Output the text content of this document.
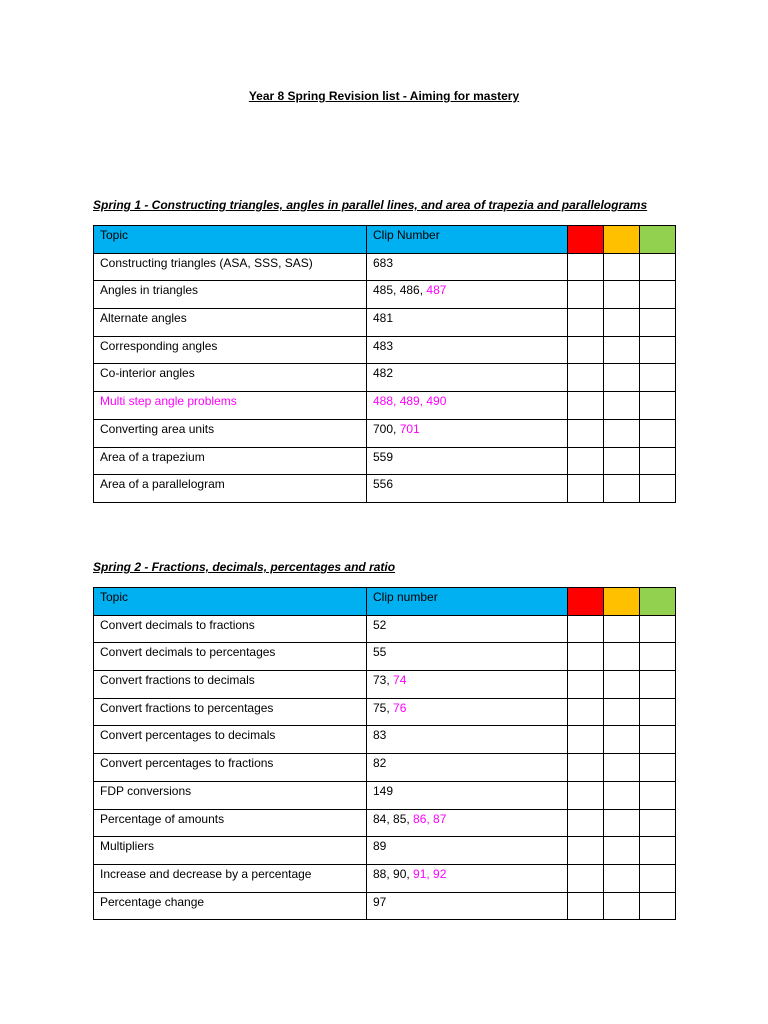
Year 8 Spring Revision list - Aiming for mastery
Spring 1 - Constructing triangles, angles in parallel lines, and area of trapezia and parallelograms
Topic	Clip Number			
Constructing triangles (ASA, SSS, SAS)	683			
Angles in triangles	485, 486, 487			
Alternate angles	481			
Corresponding angles	483			
Co-interior angles	482			
Multi step angle problems	488, 489, 490			
Converting area units	700, 701			
Area of a trapezium	559			
Area of a parallelogram	556			
Spring 2 - Fractions, decimals, percentages and ratio
Topic	Clip number			
Convert decimals to fractions	52			
Convert decimals to percentages	55			
Convert fractions to decimals	73, 74			
Convert fractions to percentages	75, 76			
Convert percentages to decimals	83			
Convert percentages to fractions	82			
FDP conversions	149			
Percentage of amounts	84, 85, 86, 87			
Multipliers	89			
Increase and decrease by a percentage	88, 90, 91, 92			
Percentage change	97			
